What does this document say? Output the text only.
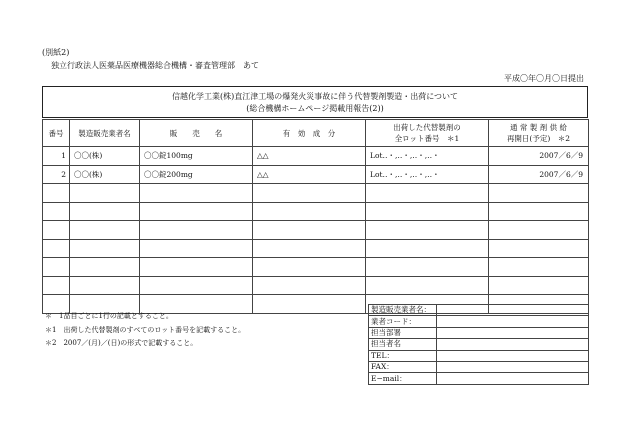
(別紙2)
独立行政法人医薬品医療機器総合機構・審査管理部　あて
平成〇年〇月〇日提出
信越化学工業(株)直江津工場の爆発火災事故に伴う代替製剤製造・出荷について
(総合機構ホームページ掲載用報告(2))
番号	製造販売業者名	販　　売　　名	有　効　成　分	出荷した代替製剤の
全ロット番号　＊1	通 常 製 剤 供 給
再開日(予定)　＊2
1	〇〇(株)	〇〇錠100mg	△△	Lot‥・,‥・,‥・,‥・	2007／6／9
2	〇〇(株)	〇〇錠200mg	△△	Lot‥・,‥・,‥・,‥・	2007／6／9

＊　1品目ごとに1行の記載とすること。
＊1　出荷した代替製剤のすべてのロット番号を記載すること。
＊2　2007／(月)／(日)の形式で記載すること。
製造販売業者名：	
業者コード：	
担当部署	
担当者名	
TEL：	
FAX：	
E−mail：	
